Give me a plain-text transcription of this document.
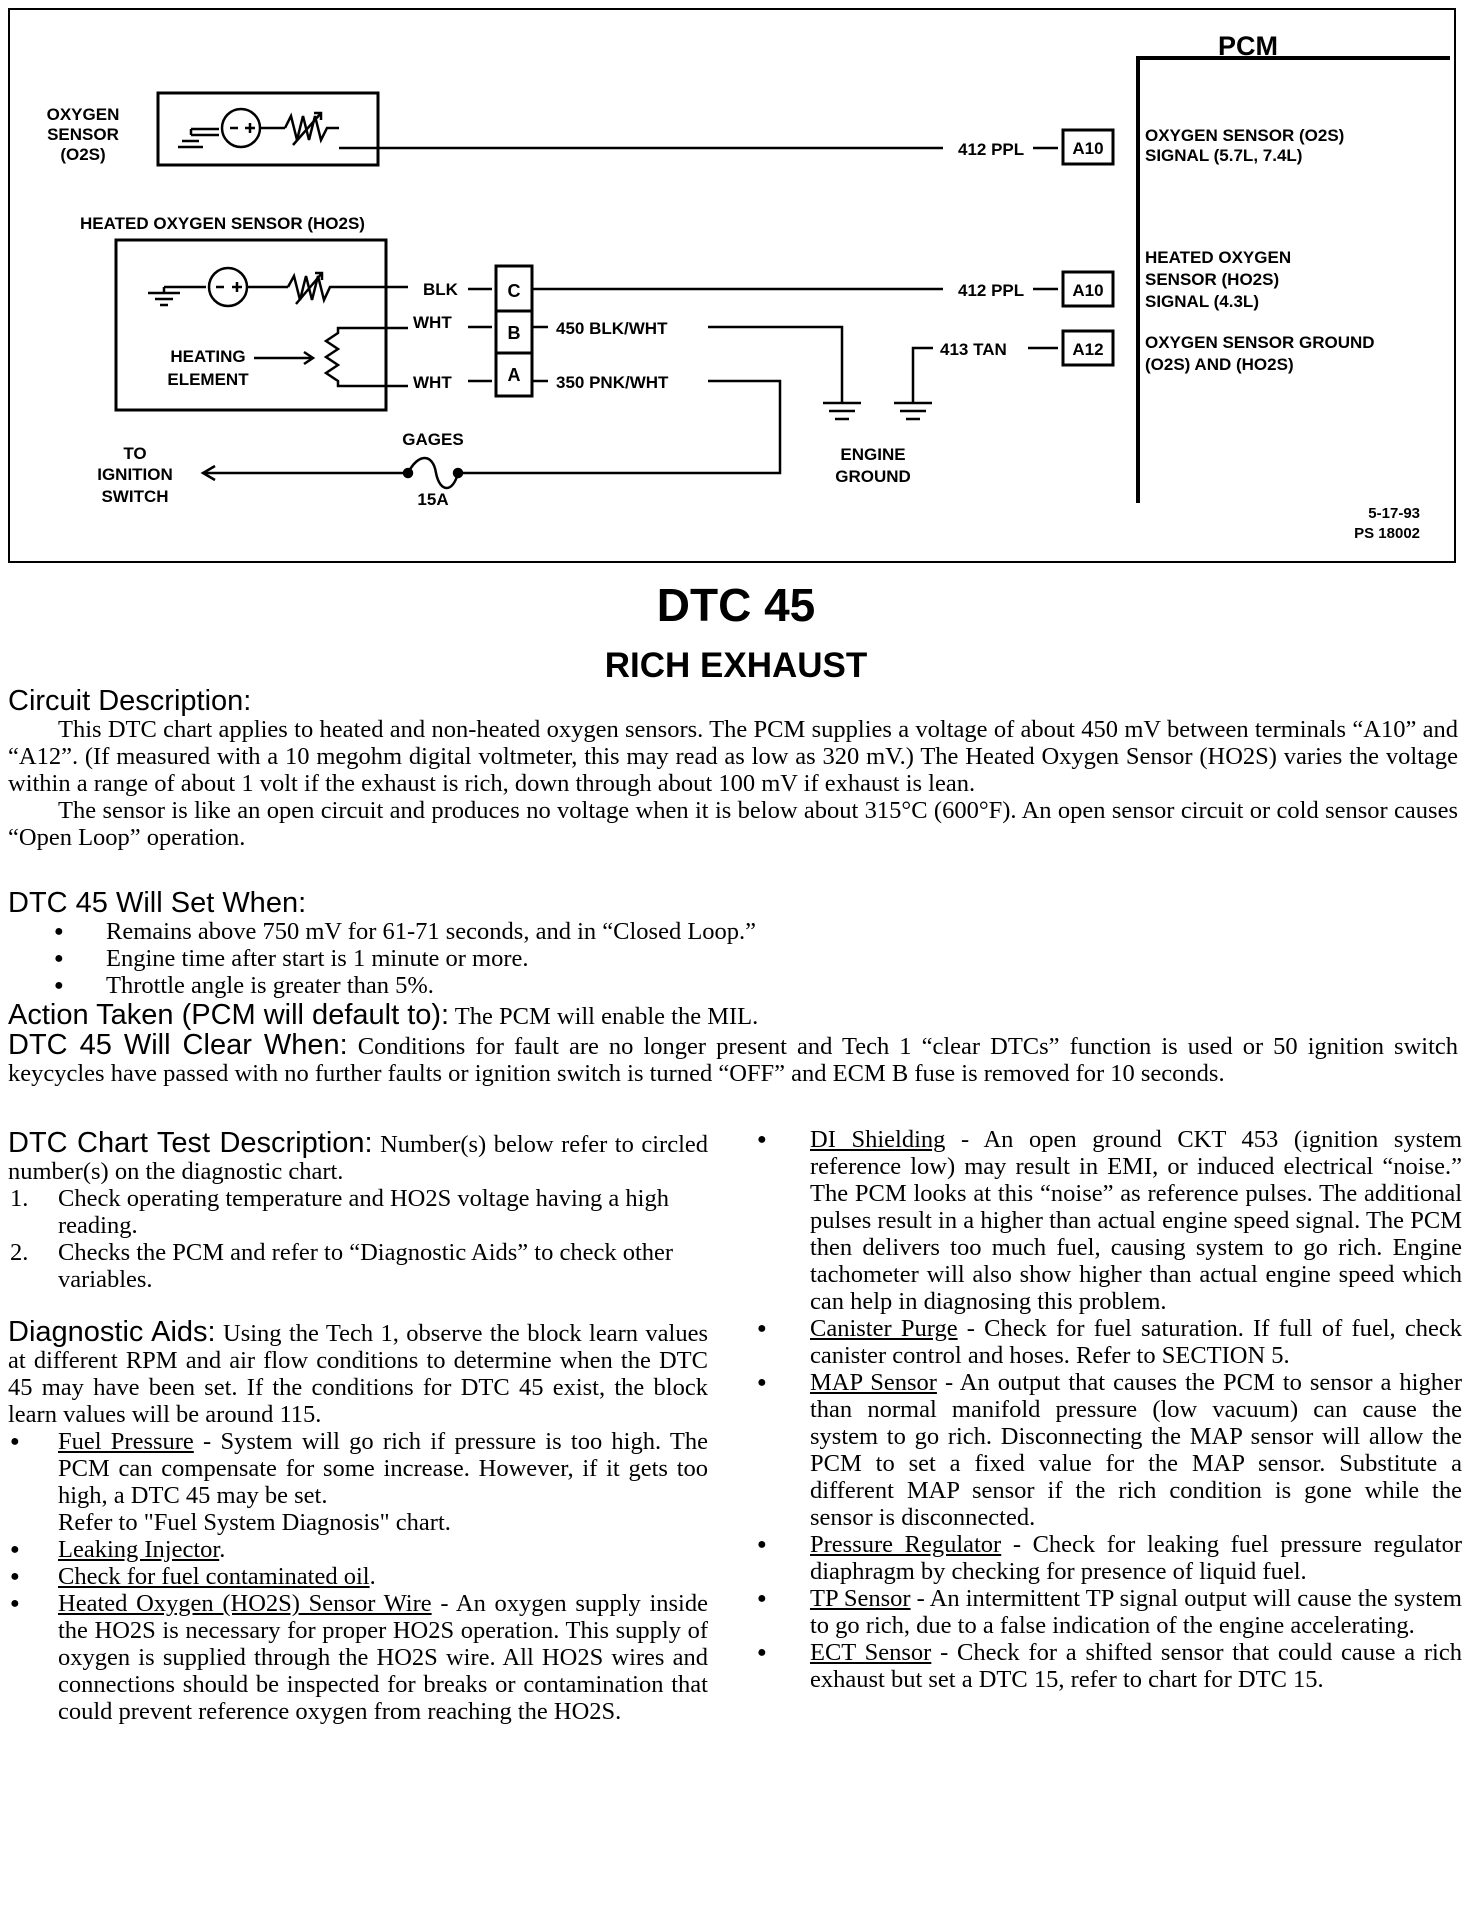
PCM
OXYGEN
SENSOR
(O2S)	412 PPL	A10
OXYGEN SENSOR (O2S)
SIGNAL (5.7L, 7.4L)
HEATED OXYGEN SENSOR (HO2S)
HEATING
ELEMENT
BLK
WHT
WHT
C
B
A
412 PPL	A10
HEATED OXYGEN
SENSOR (HO2S)
SIGNAL (4.3L)
450 BLK/WHT
413 TAN	A12 OXYGEN SENSOR GROUND
(O2S) AND (HO2S)
350 PNK/WHT
ENGINE
GROUND
GAGES
15A
TO
IGNITION
SWITCH
5-17-93
PS 18002
DTC 45
RICH EXHAUST
Circuit Description:

This DTC chart applies to heated and non-heated oxygen sensors. The PCM supplies a voltage of about 450 mV between terminals “A10” and “A12”. (If measured with a 10 megohm digital voltmeter, this may read as low as 320 mV.) The Heated Oxygen Sensor (HO2S) varies the voltage within a range of about 1 volt if the exhaust is rich, down through about 100 mV if exhaust is lean.

The sensor is like an open circuit and produces no voltage when it is below about 315°C (600°F). An open sensor circuit or cold sensor causes “Open Loop” operation.

DTC 45 Will Set When:
● Remains above 750 mV for 61-71 seconds, and in “Closed Loop.”
● Engine time after start is 1 minute or more.
● Throttle angle is greater than 5%.
Action Taken (PCM will default to): The PCM will enable the MIL.
DTC 45 Will Clear When: Conditions for fault are no longer present and Tech 1 “clear DTCs” function is used or 50 ignition switch keycycles have passed with no further faults or ignition switch is turned “OFF” and ECM B fuse is removed for 10 seconds.

DTC Chart Test Description: Number(s) below refer to circled number(s) on the diagnostic chart.

1. Check operating temperature and HO2S voltage having a high reading.
2. Checks the PCM and refer to “Diagnostic Aids” to check other variables.

Diagnostic Aids: Using the Tech 1, observe the block learn values at different RPM and air flow conditions to determine when the DTC 45 may have been set. If the conditions for DTC 45 exist, the block learn values will be around 115.

● Fuel Pressure - System will go rich if pressure is too high. The PCM can compensate for some increase. However, if it gets too high, a DTC 45 may be set.
Refer to "Fuel System Diagnosis" chart.
● Leaking Injector.
● Check for fuel contaminated oil.
● Heated Oxygen (HO2S) Sensor Wire - An oxygen supply inside the HO2S is necessary for proper HO2S operation. This supply of oxygen is supplied through the HO2S wire. All HO2S wires and connections should be inspected for breaks or contamination that could prevent reference oxygen from reaching the HO2S.
● DI Shielding - An open ground CKT 453 (ignition system reference low) may result in EMI, or induced electrical “noise.” The PCM looks at this “noise” as reference pulses. The additional pulses result in a higher than actual engine speed signal. The PCM then delivers too much fuel, causing system to go rich. Engine tachometer will also show higher than actual engine speed which can help in diagnosing this problem.
● Canister Purge - Check for fuel saturation. If full of fuel, check canister control and hoses. Refer to SECTION 5.
● MAP Sensor - An output that causes the PCM to sensor a higher than normal manifold pressure (low vacuum) can cause the system to go rich. Disconnecting the MAP sensor will allow the PCM to set a fixed value for the MAP sensor. Substitute a different MAP sensor if the rich condition is gone while the sensor is disconnected.
● Pressure Regulator - Check for leaking fuel pressure regulator diaphragm by checking for presence of liquid fuel.
● TP Sensor - An intermittent TP signal output will cause the system to go rich, due to a false indication of the engine accelerating.
● ECT Sensor - Check for a shifted sensor that could cause a rich exhaust but set a DTC 15, refer to chart for DTC 15.
